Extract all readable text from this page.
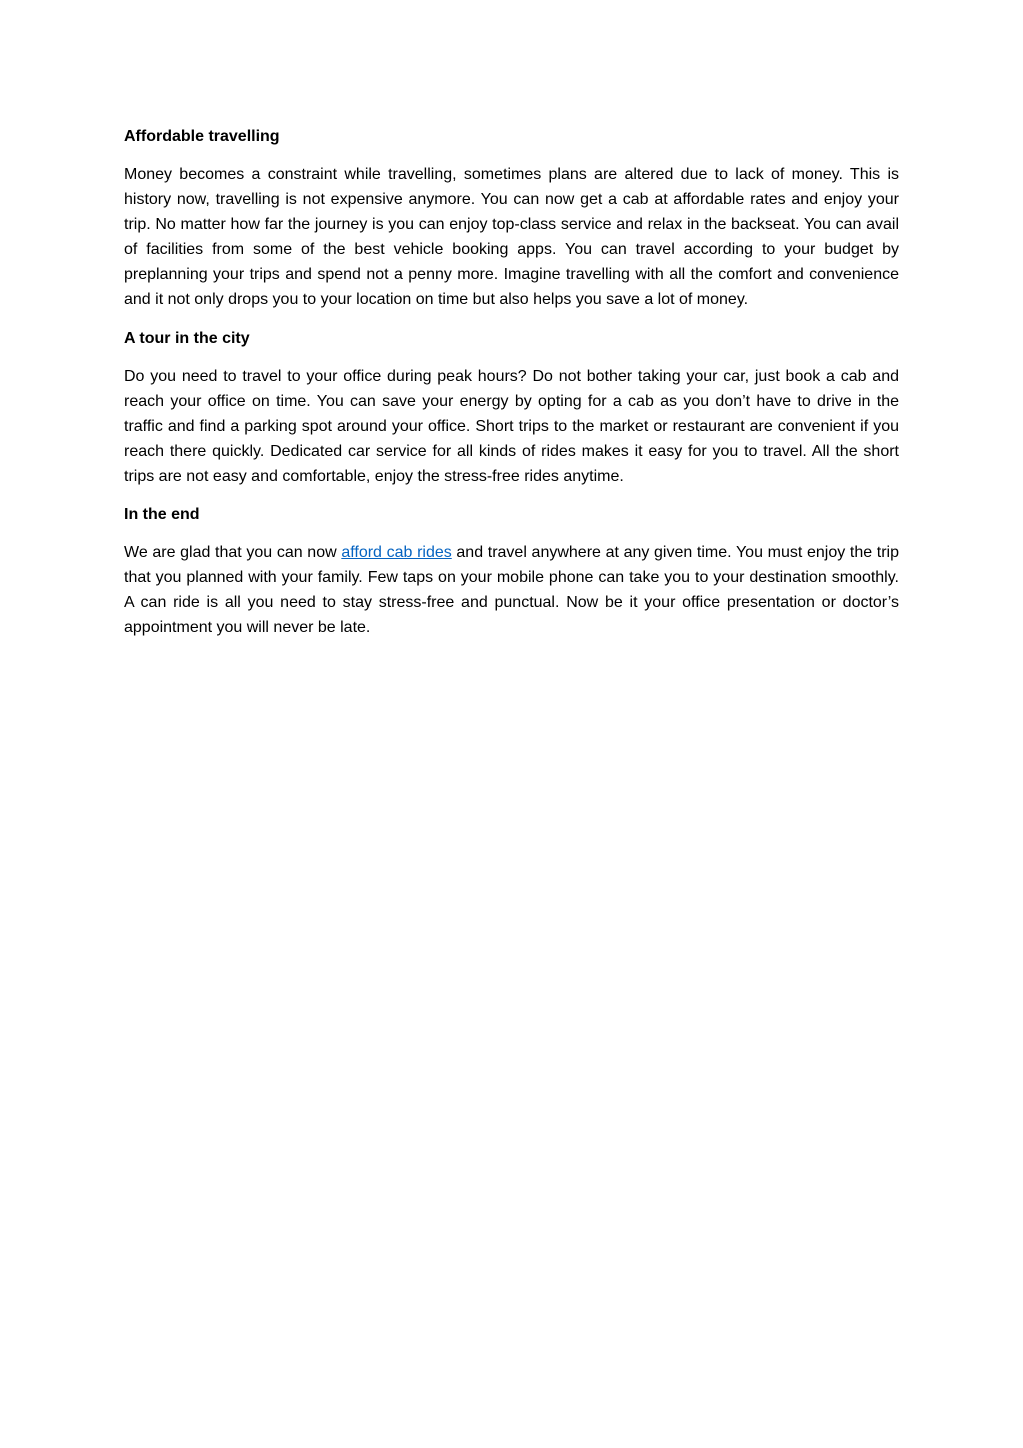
Affordable travelling
Money becomes a constraint while travelling, sometimes plans are altered due to lack of money. This is history now, travelling is not expensive anymore. You can now get a cab at affordable rates and enjoy your trip. No matter how far the journey is you can enjoy top-class service and relax in the backseat. You can avail of facilities from some of the best vehicle booking apps. You can travel according to your budget by preplanning your trips and spend not a penny more. Imagine travelling with all the comfort and convenience and it not only drops you to your location on time but also helps you save a lot of money.
A tour in the city
Do you need to travel to your office during peak hours? Do not bother taking your car, just book a cab and reach your office on time. You can save your energy by opting for a cab as you don’t have to drive in the traffic and find a parking spot around your office. Short trips to the market or restaurant are convenient if you reach there quickly. Dedicated car service for all kinds of rides makes it easy for you to travel. All the short trips are not easy and comfortable, enjoy the stress-free rides anytime.
In the end
We are glad that you can now afford cab rides and travel anywhere at any given time. You must enjoy the trip that you planned with your family. Few taps on your mobile phone can take you to your destination smoothly. A can ride is all you need to stay stress-free and punctual. Now be it your office presentation or doctor’s appointment you will never be late.
